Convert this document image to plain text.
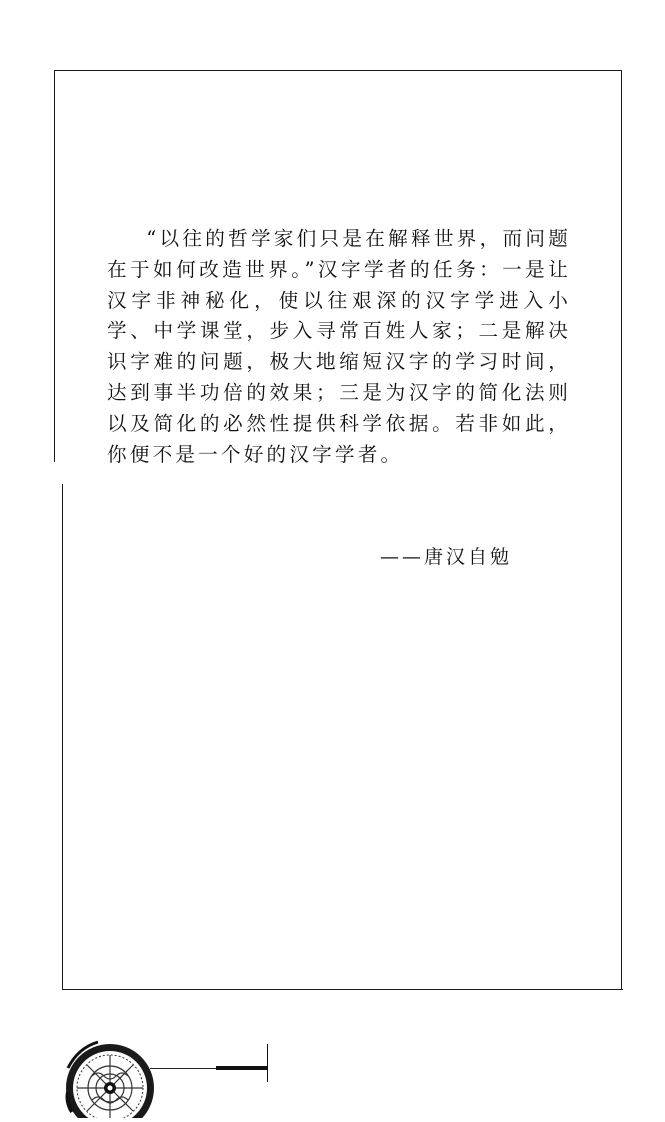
“以往的哲学家们只是在解释世界，而问题在于如何改造世界。”汉字学者的任务：一是让汉字非神秘化，使以往艰深的汉字学进入小学、中学课堂，步入寻常百姓人家；二是解决识字难的问题，极大地缩短汉字的学习时间，达到事半功倍的效果；三是为汉字的简化法则以及简化的必然性提供科学依据。若非如此，你便不是一个好的汉字学者。

——唐汉自勉
